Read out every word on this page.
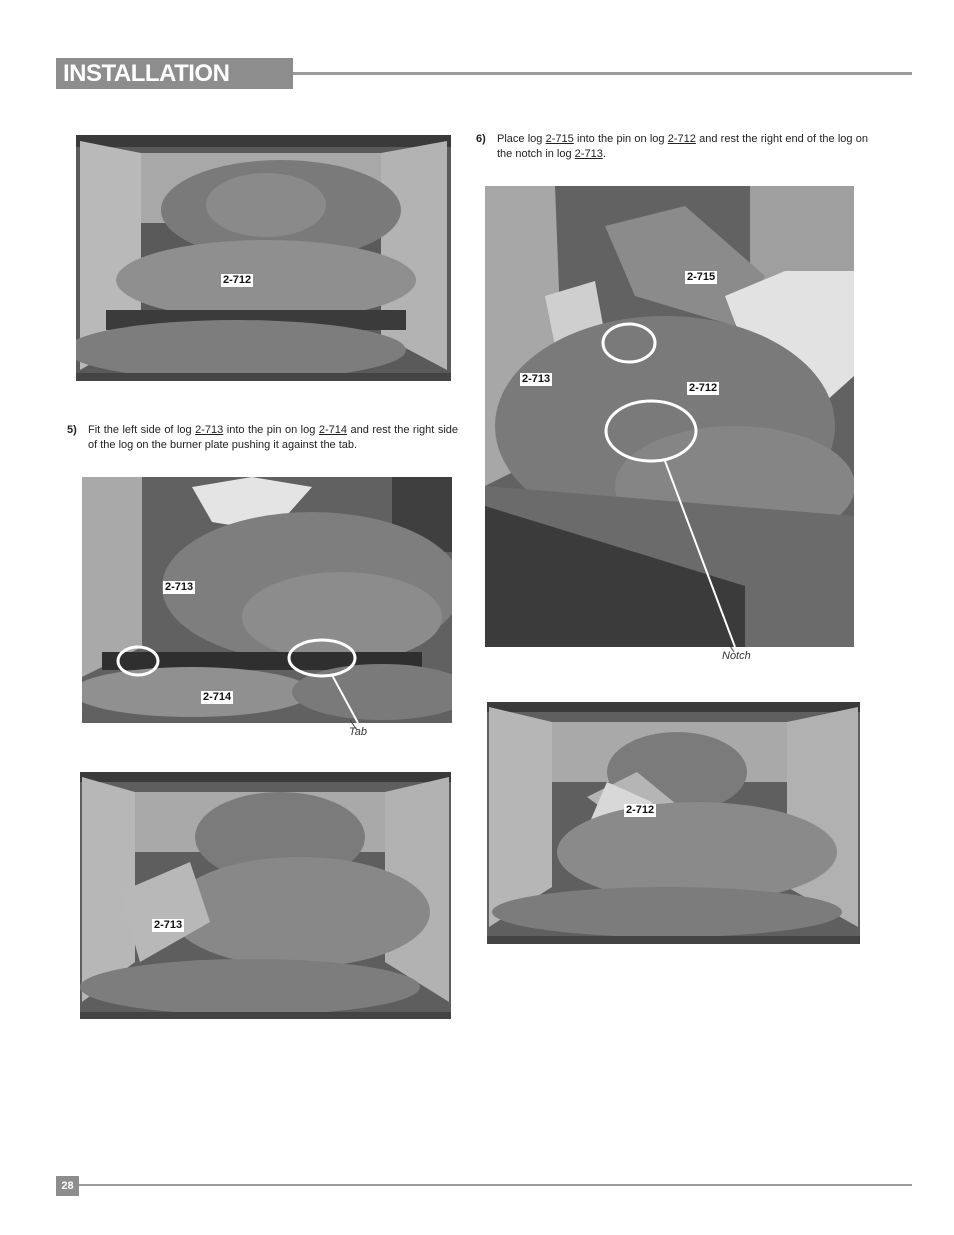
INSTALLATION
2-712
5)	Fit the left side of log 2-713 into the pin on log 2-714 and rest the right side of the log on the burner plate pushing it against the tab.
2-713
2-714
Tab
2-713
6)	Place log 2-715 into the pin on log 2-712 and rest the right end of the log on the notch in log 2-713.
2-715
2-713
2-712
Notch
2-712
28
